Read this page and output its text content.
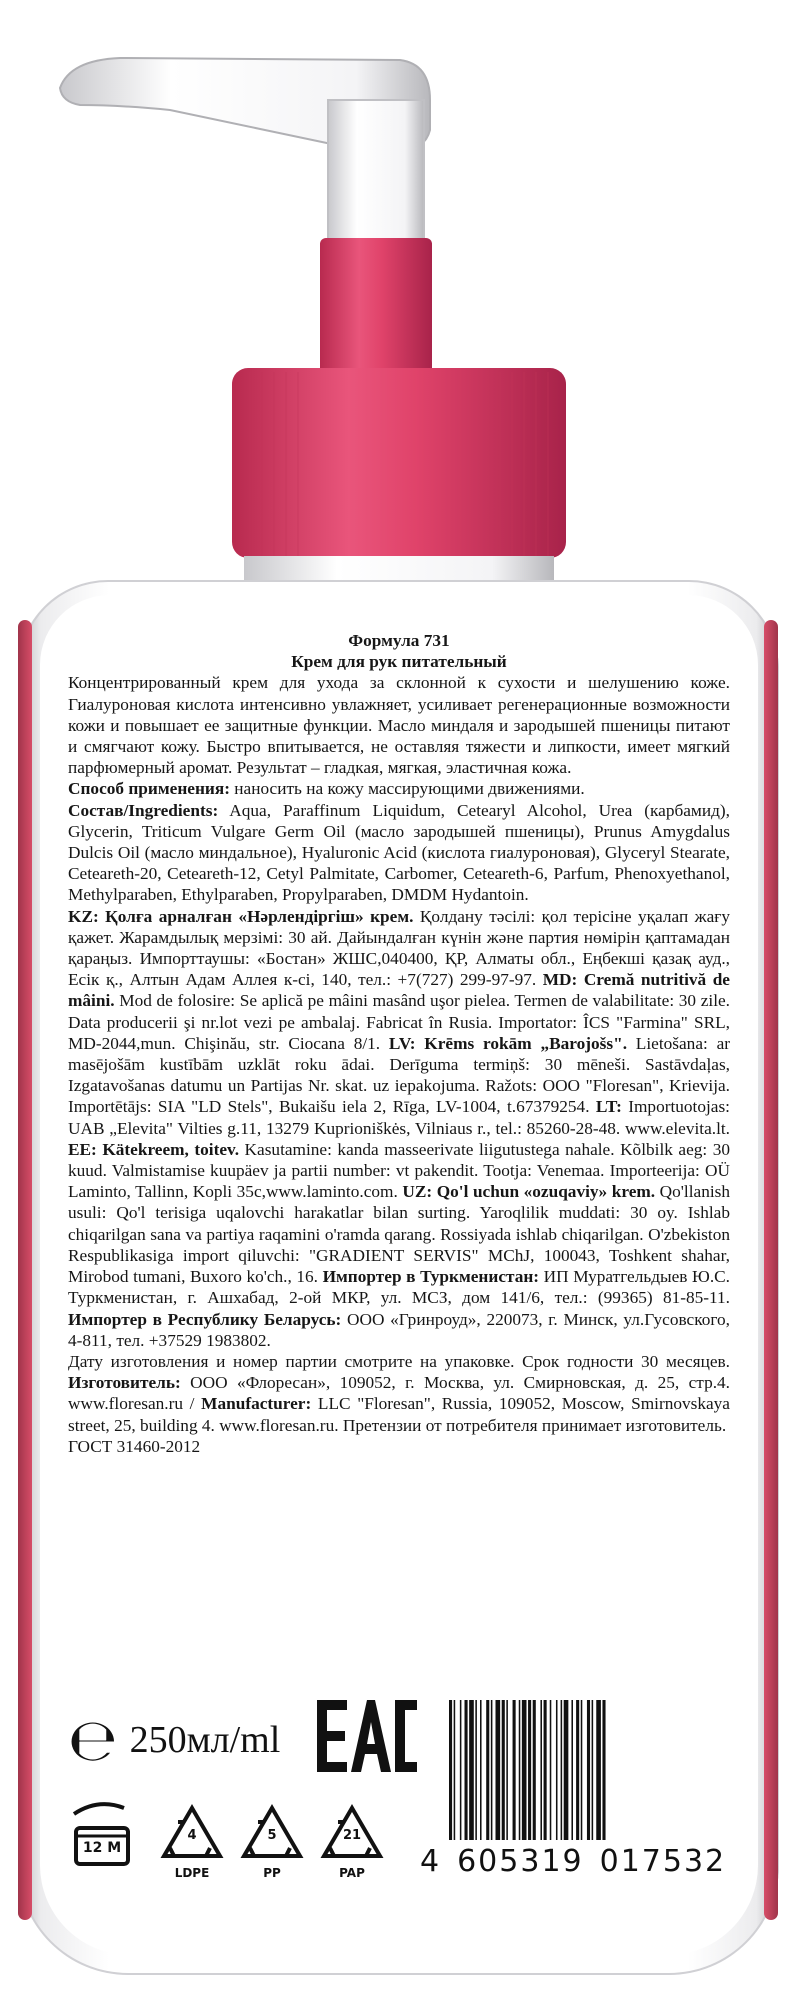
Формула 731

Крем для рук питательный

Концентрированный крем для ухода за склонной к сухости и шелушению коже. Гиалуроновая кислота интенсивно увлажняет, усиливает регенерационные возможности кожи и повышает ее защитные функции. Масло миндаля и зародышей пшеницы питают и смягчают кожу. Быстро впитывается, не оставляя тяжести и липкости, имеет мягкий парфюмерный аромат. Результат – гладкая, мягкая, эластичная кожа.

Способ применения: наносить на кожу массирующими движениями.

Состав/Ingredients: Aqua, Paraffinum Liquidum, Cetearyl Alcohol, Urea (карбамид), Glycerin, Triticum Vulgare Germ Oil (масло зародышей пшеницы), Prunus Amygdalus Dulcis Oil (масло миндальное), Hyaluronic Acid (кислота гиалуроновая), Glyceryl Stearate, Ceteareth-20, Ceteareth-12, Cetyl Palmitate, Carbomer, Ceteareth-6, Parfum, Phenoxyethanol, Methylparaben, Ethylparaben, Propylparaben, DMDM Hydantoin.

KZ: Қолға арналған «Нәрлендіргіш» крем. Қолдану тәсілі: қол терісіне уқалап жағу қажет. Жарамдылық мерзімі: 30 ай. Дайындалған күнін және партия нөмірін қаптамадан қараңыз. Импорттаушы: «Бостан» ЖШС,040400, ҚР, Алматы обл., Еңбекші қазақ ауд., Есік қ., Алтын Адам Аллея к-сі, 140, тел.: +7(727) 299-97-97. MD: Cremă nutritivă de mâini. Mod de folosire: Se aplică pe mâini masând uşor pielea. Termen de valabilitate: 30 zile. Data producerii şi nr.lot vezi pe ambalaj. Fabricat în Rusia. Importator: ÎCS "Farmina" SRL, MD-2044,mun. Chişinău, str. Ciocana 8/1. LV: Krēms rokām „Barojošs". Lietošana: ar masējošām kustībām uzklāt roku ādai. Derīguma termiņš: 30 mēneši. Sastāvdaļas, Izgatavošanas datumu un Partijas Nr. skat. uz iepakojuma. Ražots: OOO "Floresan", Krievija. Importētājs: SIA "LD Stels", Bukaišu iela 2, Rīga, LV-1004, t.67379254. LT: Importuotojas: UAB „Elevita" Vilties g.11, 13279 Kuprioniškės, Vilniaus r., tel.: 85260-28-48. www.elevita.lt. EE: Kätekreem, toitev. Kasutamine: kanda masseerivate liigutustega nahale. Kõlbilk aeg: 30 kuud. Valmistamise kuupäev ja partii number: vt pakendit. Tootja: Venemaa. Importeerija: OÜ Laminto, Tallinn, Kopli 35c,www.laminto.com. UZ: Qo'l uchun «ozuqaviy» krem. Qo'llanish usuli: Qo'l terisiga uqalovchi harakatlar bilan surting. Yaroqlilik muddati: 30 oy. Ishlab chiqarilgan sana va partiya raqamini o'ramda qarang. Rossiyada ishlab chiqarilgan. O'zbekiston Respublikasiga import qiluvchi: "GRADIENT SERVIS" MChJ, 100043, Toshkent shahar, Mirobod tumani, Buxoro ko'ch., 16. Импортер в Туркменистан: ИП Муратгельдыев Ю.С. Туркменистан, г. Ашхабад, 2-ой МКР, ул. МСЗ, дом 141/6, тел.: (99365) 81-85-11. Импортер в Республику Беларусь: ООО «Гринроуд», 220073, г. Минск, ул.Гусовского, 4-811, тел. +37529 1983802.

Дату изготовления и номер партии смотрите на упаковке. Срок годности 30 месяцев. Изготовитель: ООО «Флоресан», 109052, г. Москва, ул. Смирновская, д. 25, стр.4. www.floresan.ru / Manufacturer: LLC "Floresan", Russia, 109052, Moscow, Smirnovskaya street, 25, building 4. www.floresan.ru. Претензии от потребителя принимает изготовитель.

ГОСТ 31460-2012

℮ 250мл/ml
12 M
4
LDPE
5
PP
21
PAP	4 605319 017532
